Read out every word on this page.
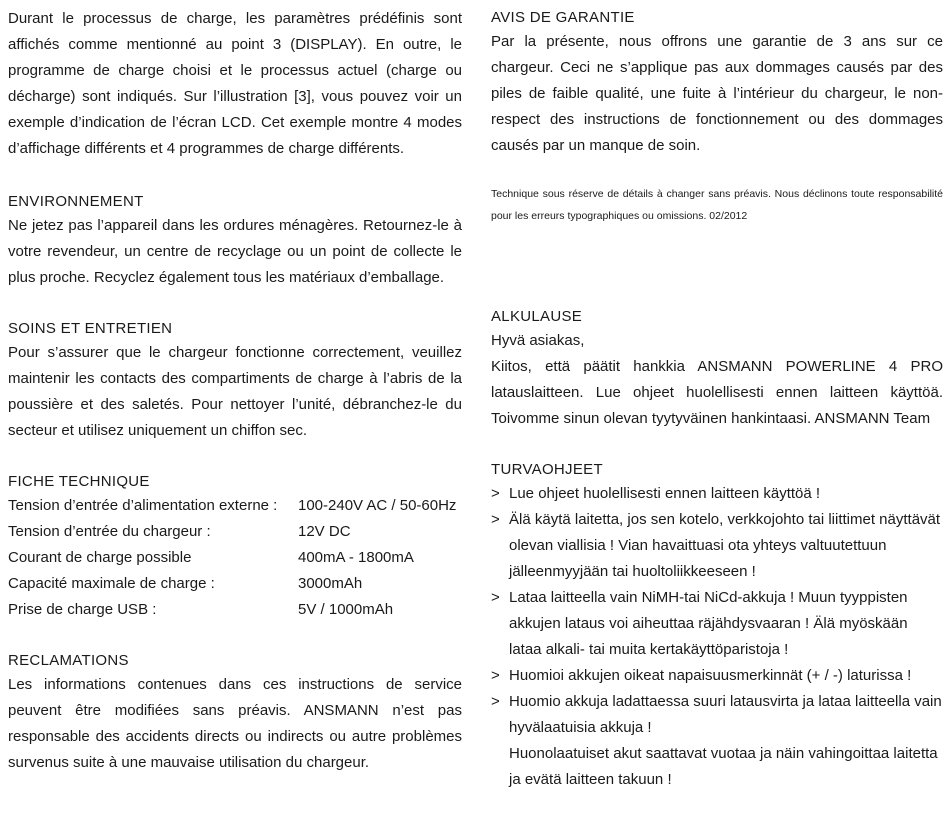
Durant le processus de charge, les paramètres prédéfinis sont affichés comme mentionné au point 3 (DISPLAY). En outre, le programme de charge choisi et le processus actuel (charge ou décharge) sont indiqués. Sur l’illustration [3], vous pouvez voir un exemple d’indication de l’écran LCD. Cet exemple montre 4 modes d’affichage différents et 4 programmes de charge différents.

ENVIRONNEMENT

Ne jetez pas l’appareil dans les ordures ménagères. Retournez-le à votre revendeur, un centre de recyclage ou un point de collecte le plus proche. Recyclez également tous les matériaux d’emballage.

SOINS ET ENTRETIEN

Pour s’assurer que le chargeur fonctionne correctement, veuillez maintenir les contacts des compartiments de charge à l’abris de la poussière et des saletés. Pour nettoyer l’unité, débranchez-le du secteur et utilisez uniquement un chiffon sec.

FICHE TECHNIQUE

Tension d’entrée d’alimentation externe :	100-240V AC / 50-60Hz
Tension d’entrée du chargeur :	12V DC
Courant de charge possible	400mA - 1800mA
Capacité maximale de charge :	3000mAh
Prise de charge USB :	5V / 1000mAh

RECLAMATIONS

Les informations contenues dans ces instructions de service peuvent être modifiées sans préavis. ANSMANN n’est pas responsable des accidents directs ou indirects ou autre problèmes survenus suite à une mauvaise utilisation du chargeur.

AVIS DE GARANTIE

Par la présente, nous offrons une garantie de 3 ans sur ce chargeur. Ceci ne s’applique pas aux dommages causés par des piles de faible qualité, une fuite à l’intérieur du chargeur, le non-respect des instructions de fonctionnement ou des dommages causés par un manque de soin.

Technique sous réserve de détails à changer sans préavis. Nous déclinons toute responsabilité pour les erreurs typographiques ou omissions. 02/2012

ALKULAUSE

Hyvä asiakas,

Kiitos, että päätit hankkia ANSMANN POWERLINE 4 PRO latauslaitteen. Lue ohjeet huolellisesti ennen laitteen käyttöä. Toivomme sinun olevan tyytyväinen hankintaasi. ANSMANN Team

TURVAOHJEET

> Lue ohjeet huolellisesti ennen laitteen käyttöä !
> Älä käytä laitetta, jos sen kotelo, verkkojohto tai liittimet näyttävät olevan viallisia ! Vian havaittuasi ota yhteys valtuutettuun jälleenmyyjään tai huoltoliikkeeseen !
> Lataa laitteella vain NiMH-tai NiCd-akkuja ! Muun tyyppisten akkujen lataus voi aiheuttaa räjähdysvaaran ! Älä myöskään lataa alkali- tai muita kertakäyttöparistoja !
> Huomioi akkujen oikeat napaisuusmerkinnät (+ / -) laturissa !
> Huomio akkuja ladattaessa suuri latausvirta ja lataa laitteella vain hyvälaatuisia akkuja !

Huonolaatuiset akut saattavat vuotaa ja näin vahingoittaa laitetta ja evätä laitteen takuun !
